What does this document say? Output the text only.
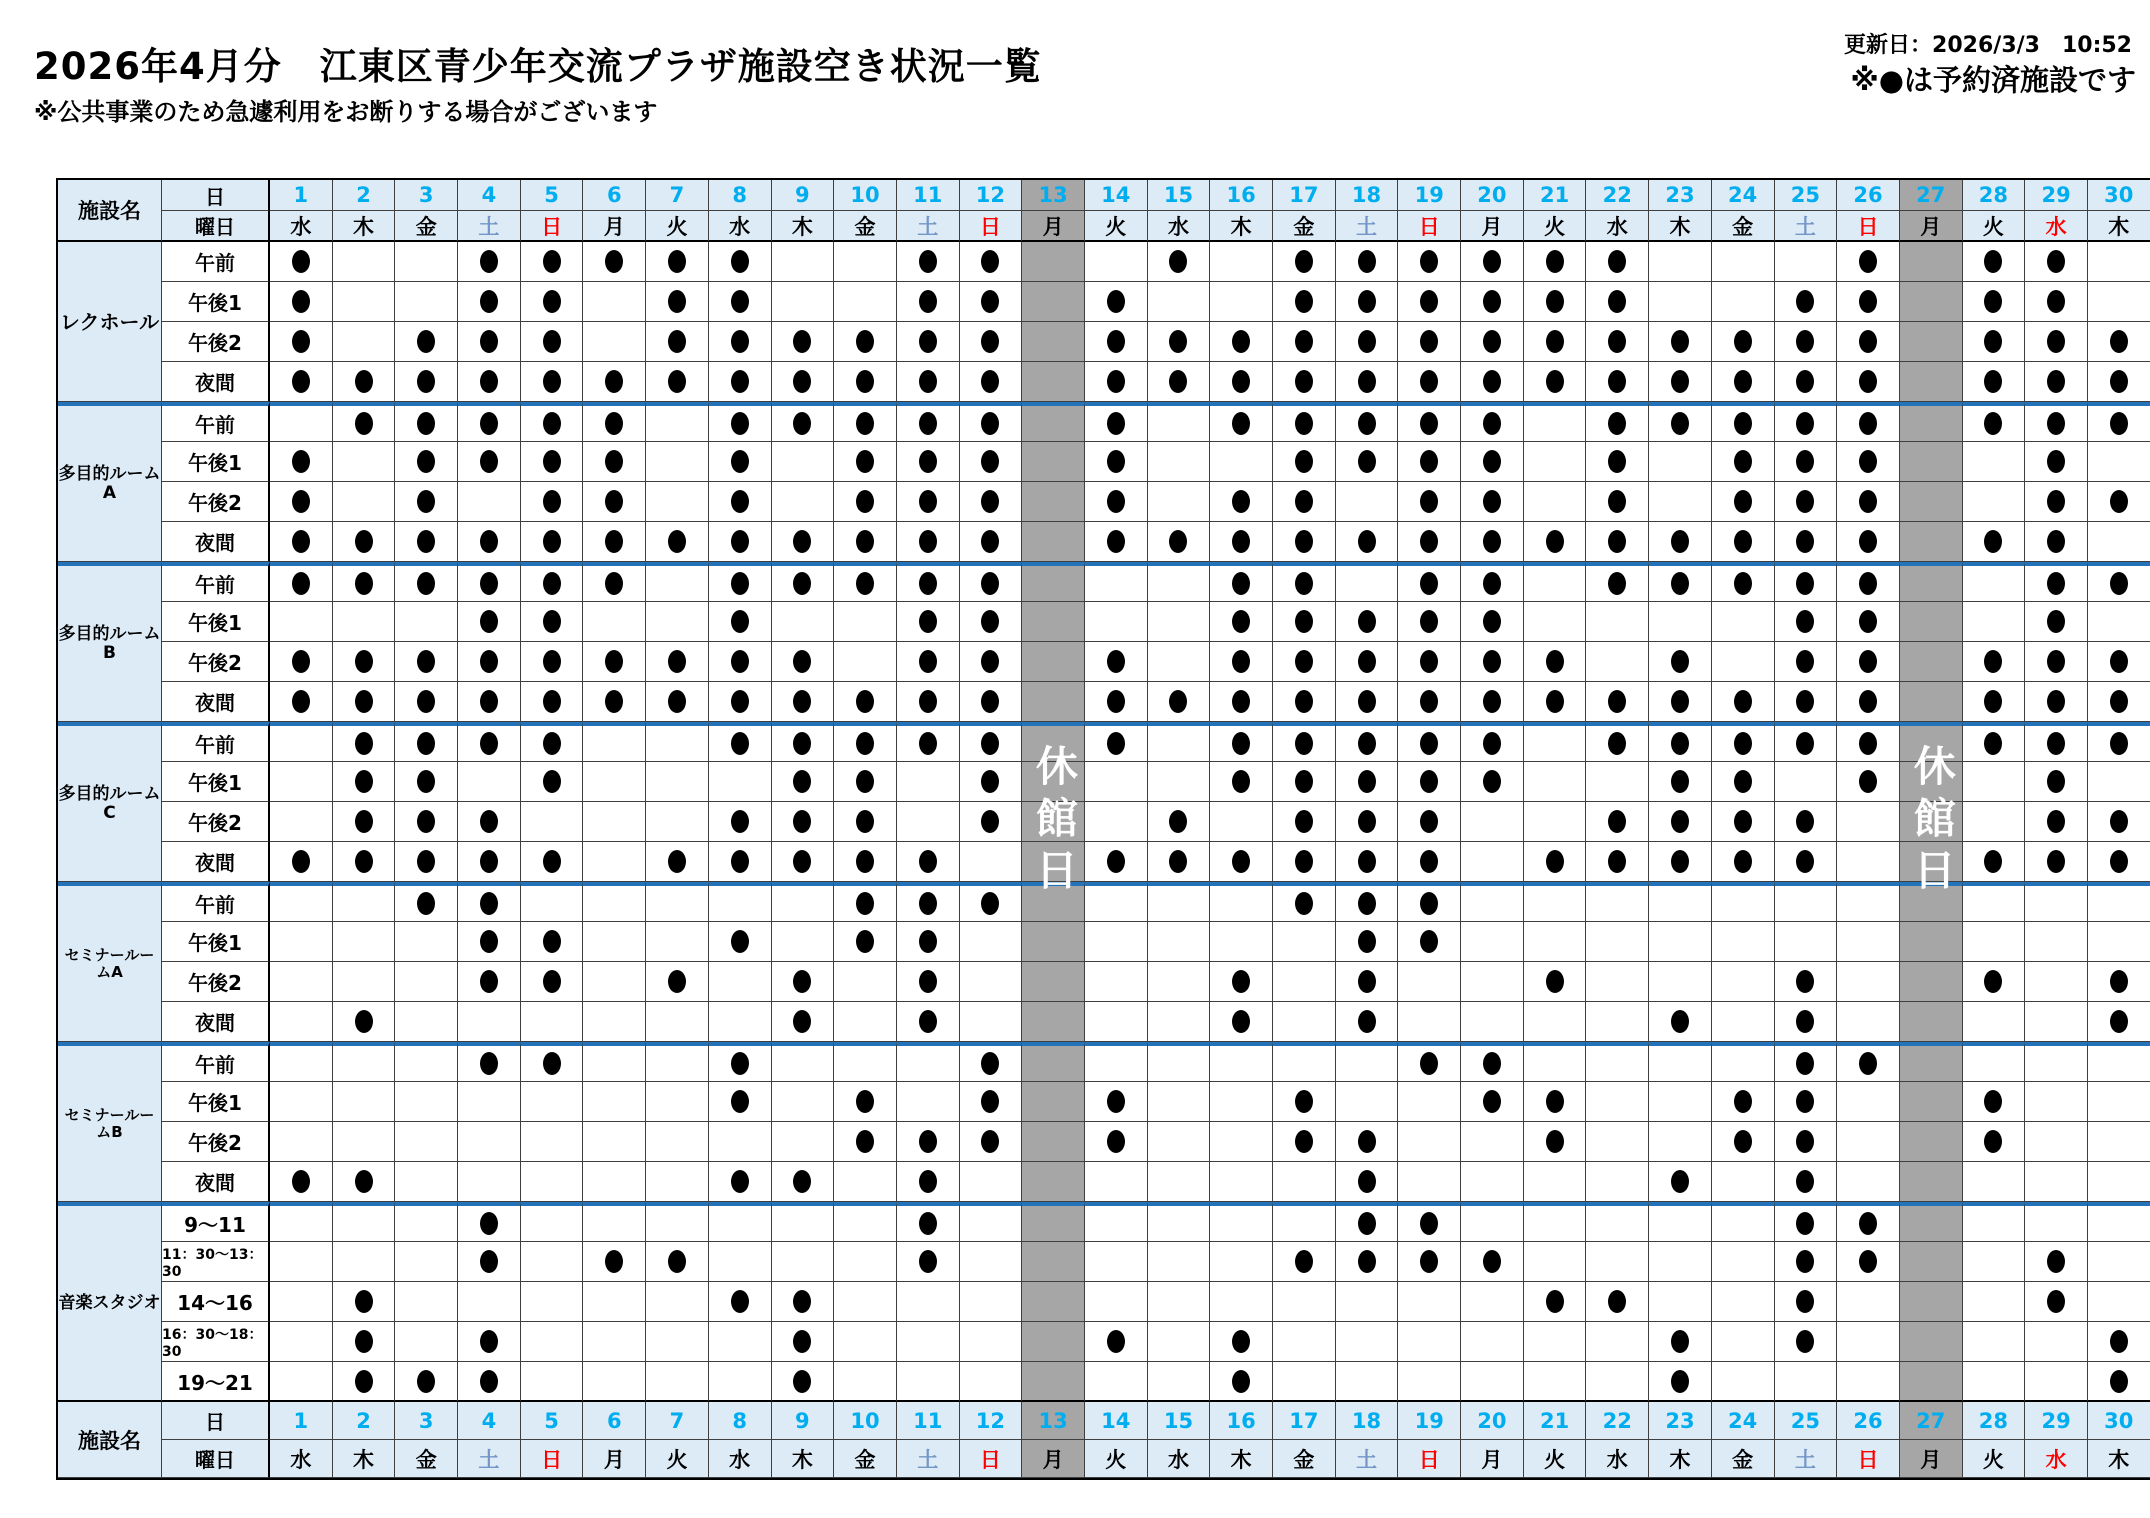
2026年4月分　江東区青少年交流プラザ施設空き状況一覧
※公共事業のため急遽利用をお断りする場合がございます
更新日：2026/3/3　10:52
※●は予約済施設です
施設名
日
曜日
1
水
2
木
3
金
4
土
5
日
6
月
7
火
8
水
9
木
10
金
11
土
12
日
13
月
14
火
15
水
16
木
17
金
18
土
19
日
20
月
21
火
22
水
23
木
24
金
25
土
26
日
27
月
28
火
29
水
30
木
レクホール
午前
午後1
午後2
夜間
多目的ルームA
午前
午後1
午後2
夜間
多目的ルームB
午前
午後1
午後2
夜間
多目的ルームC
午前
午後1
午後2
夜間
セミナールームA
午前
午後1
午後2
夜間
セミナールームB
午前
午後1
午後2
夜間
音楽スタジオ
9～11
11：30～13：30
14～16
16：30～18：30
19～21
施設名
日
曜日
1
水
2
木
3
金
4
土
5
日
6
月
7
火
8
水
9
木
10
金
11
土
12
日
13
月
14
火
15
水
16
木
17
金
18
土
19
日
20
月
21
火
22
水
23
木
24
金
25
土
26
日
27
月
28
火
29
水
30
木
休館日	休館日
